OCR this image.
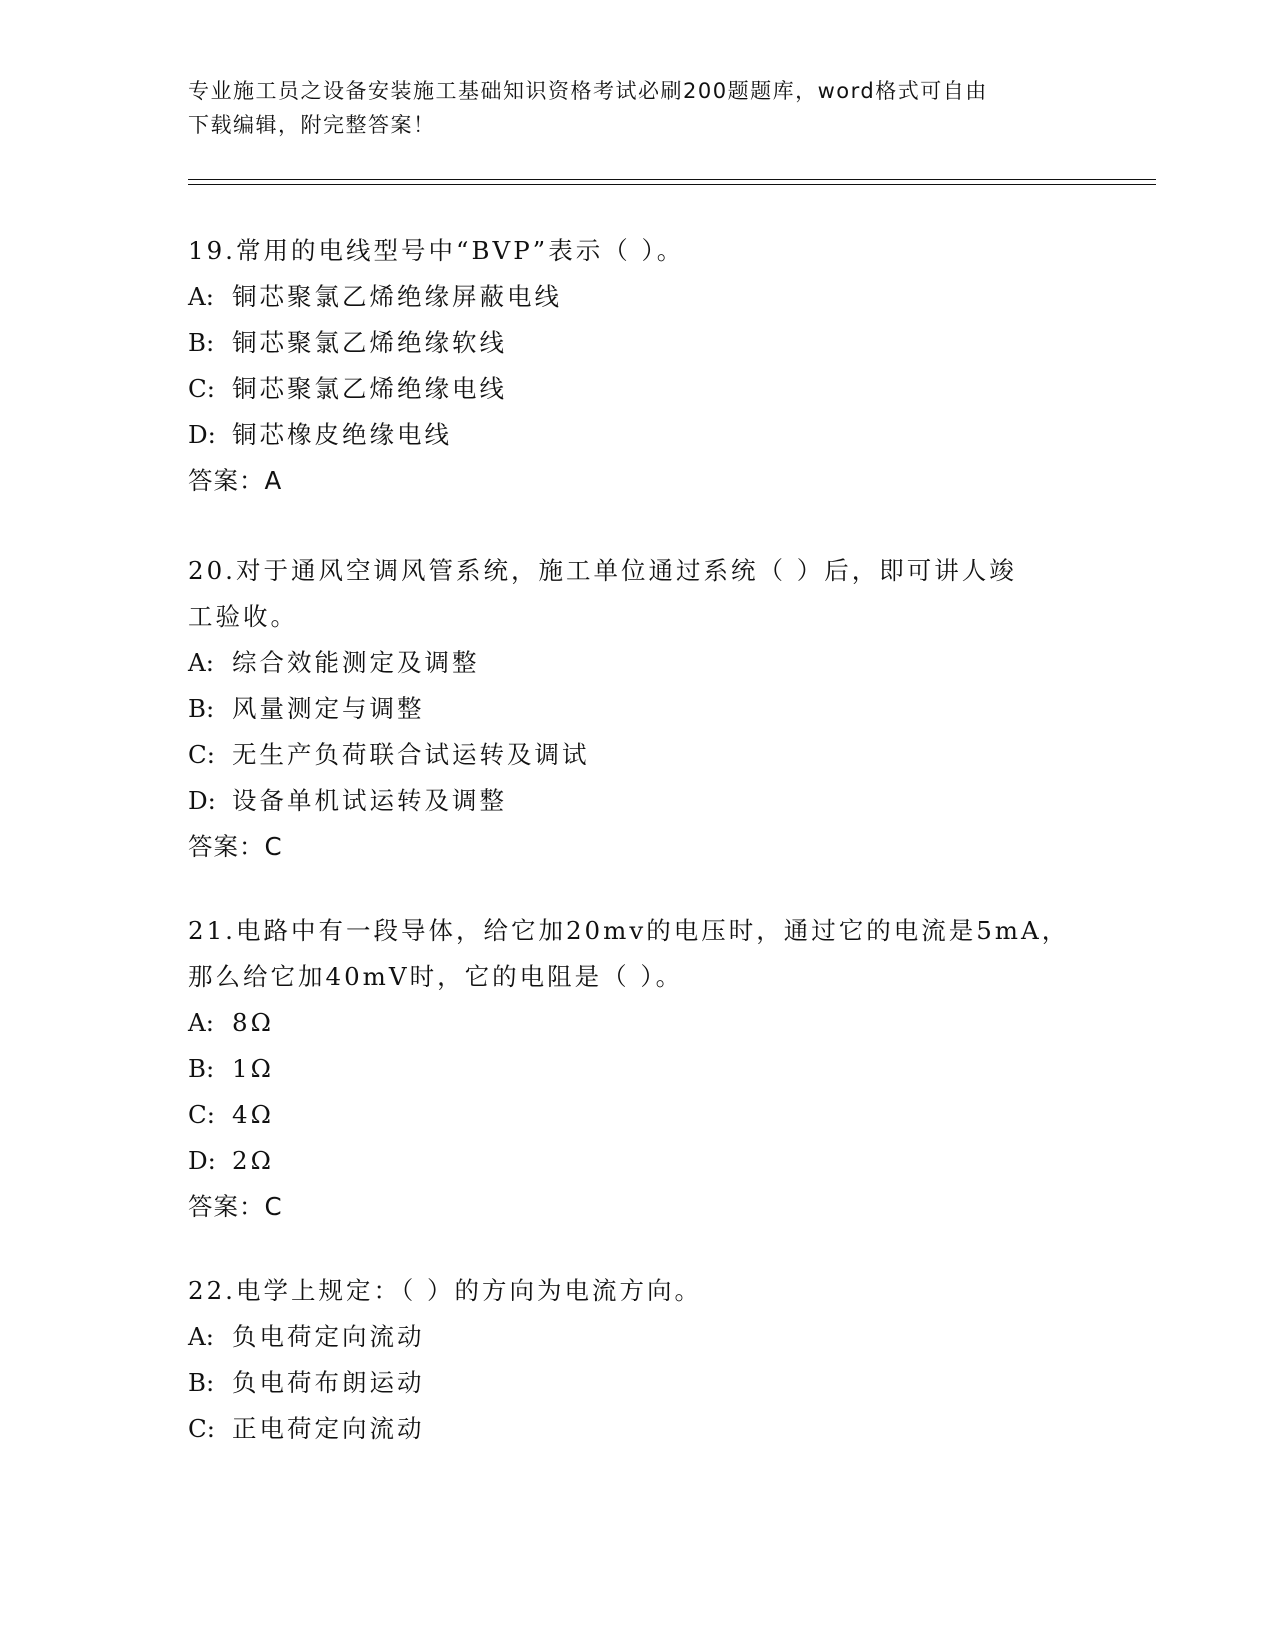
专业施工员之设备安装施工基础知识资格考试必刷200题题库，word格式可自由
下载编辑，附完整答案！
19.常用的电线型号中“BVP”表示（ ）。
A: 铜芯聚氯乙烯绝缘屏蔽电线
B: 铜芯聚氯乙烯绝缘软线
C: 铜芯聚氯乙烯绝缘电线
D: 铜芯橡皮绝缘电线
答案：A
20.对于通风空调风管系统，施工单位通过系统（ ）后，即可讲人竣
工验收。
A: 综合效能测定及调整
B: 风量测定与调整
C: 无生产负荷联合试运转及调试
D: 设备单机试运转及调整
答案：C
21.电路中有一段导体，给它加20mv的电压时，通过它的电流是5mA，
那么给它加40mV时，它的电阻是（ ）。
A: 8Ω
B: 1Ω
C: 4Ω
D: 2Ω
答案：C
22.电学上规定：（ ）的方向为电流方向。
A: 负电荷定向流动
B: 负电荷布朗运动
C: 正电荷定向流动
